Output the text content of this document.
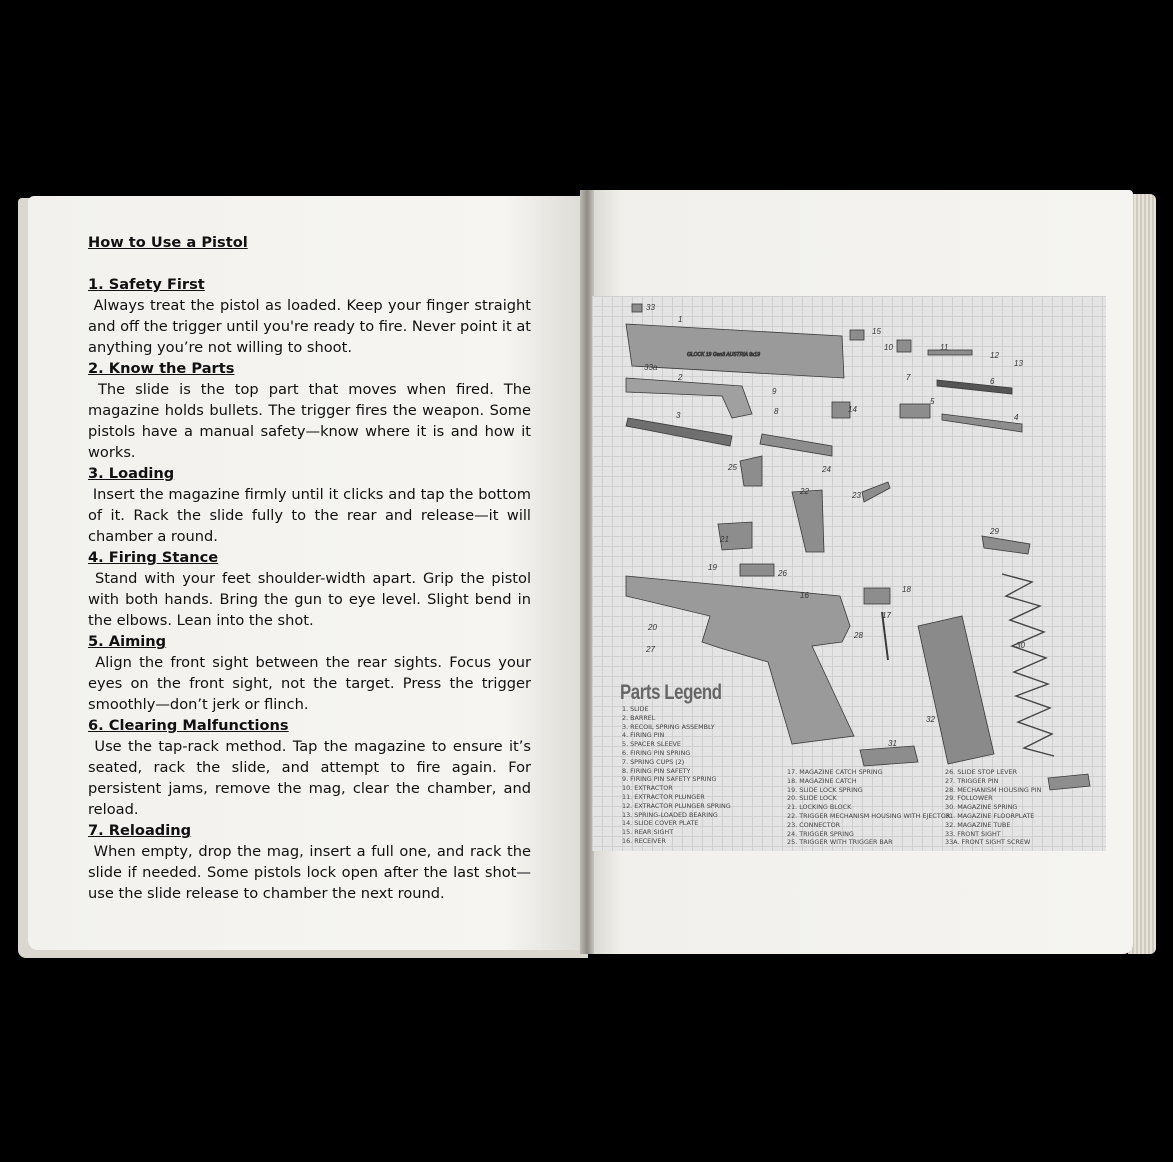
How to Use a Pistol

1. Safety First

Always treat the pistol as loaded. Keep your finger straight and off the trigger until you're ready to fire. Never point it at anything you’re not willing to shoot.

2. Know the Parts

The slide is the top part that moves when fired. The magazine holds bullets. The trigger fires the weapon. Some pistols have a manual safety—know where it is and how it works.

3. Loading

Insert the magazine firmly until it clicks and tap the bottom of it. Rack the slide fully to the rear and release—it will chamber a round.

4. Firing Stance

Stand with your feet shoulder-width apart. Grip the pistol with both hands. Bring the gun to eye level. Slight bend in the elbows. Lean into the shot.

5. Aiming

Align the front sight between the rear sights. Focus your eyes on the front sight, not the target. Press the trigger smoothly—don’t jerk or flinch.

6. Clearing Malfunctions

Use the tap-rack method. Tap the magazine to ensure it’s seated, rack the slide, and attempt to fire again. For persistent jams, remove the mag, clear the chamber, and reload.

7. Reloading

When empty, drop the mag, insert a full one, and rack the slide if needed. Some pistols lock open after the last shot—use the slide release to chamber the next round.

GLOCK 19 Gen3 AUSTRIA 9x19
1
2
3	4
5
6
7
8
9
10	11
12
13
14
15
16
17
18
19
20
21
22	23
24
25
26
27
28
29
30
31
32
33
33a
Parts Legend
1. SLIDE
2. BARREL
3. RECOIL SPRING ASSEMBLY
4. FIRING PIN
5. SPACER SLEEVE
6. FIRING PIN SPRING
7. SPRING CUPS (2)
8. FIRING PIN SAFETY
9. FIRING PIN SAFETY SPRING
10. EXTRACTOR
11. EXTRACTOR PLUNGER
12. EXTRACTOR PLUNGER SPRING
13. SPRING-LOADED BEARING
14. SLIDE COVER PLATE
15. REAR SIGHT
16. RECEIVER
17. MAGAZINE CATCH SPRING
18. MAGAZINE CATCH
19. SLIDE LOCK SPRING
20. SLIDE LOCK
21. LOCKING BLOCK
22. TRIGGER MECHANISM HOUSING WITH EJECTOR
23. CONNECTOR
24. TRIGGER SPRING
25. TRIGGER WITH TRIGGER BAR
26. SLIDE STOP LEVER
27. TRIGGER PIN
28. MECHANISM HOUSING PIN
29. FOLLOWER
30. MAGAZINE SPRING
31. MAGAZINE FLOORPLATE
32. MAGAZINE TUBE
33. FRONT SIGHT
33A. FRONT SIGHT SCREW
